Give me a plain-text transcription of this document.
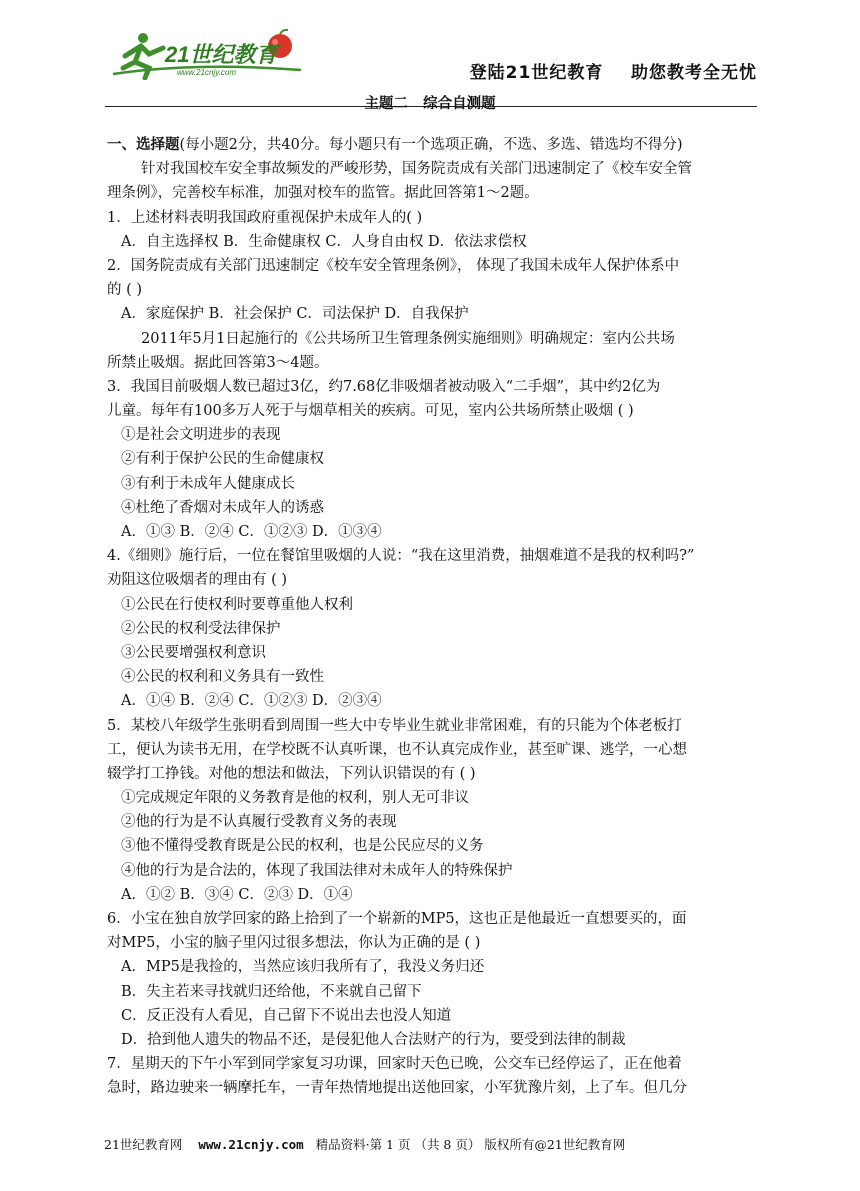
21世纪教育
www.21cnjy.com	登陆21世纪教育    助您教考全无忧
主题二   综合自测题
一、选择题(每小题2分，共40分。每小题只有一个选项正确，不选、多选、错选均不得分)
针对我国校车安全事故频发的严峻形势，国务院责成有关部门迅速制定了《校车安全管
理条例》，完善校车标准，加强对校车的监管。据此回答第1～2题。
1．上述材料表明我国政府重视保护未成年人的( )
A．自主选择权 B．生命健康权 C．人身自由权 D．依法求偿权
2．国务院责成有关部门迅速制定《校车安全管理条例》， 体现了我国未成年人保护体系中
的 ( )
A．家庭保护 B．社会保护 C．司法保护 D．自我保护
2011年5月1日起施行的《公共场所卫生管理条例实施细则》明确规定：室内公共场
所禁止吸烟。据此回答第3～4题。
3．我国目前吸烟人数已超过3亿，约7.68亿非吸烟者被动吸入“二手烟”，其中约2亿为
儿童。每年有100多万人死于与烟草相关的疾病。可见，室内公共场所禁止吸烟 ( )
①是社会文明进步的表现
②有利于保护公民的生命健康权
③有利于未成年人健康成长
④杜绝了香烟对未成年人的诱惑
A．①③ B．②④ C．①②③ D．①③④
4.《细则》施行后，一位在餐馆里吸烟的人说：“我在这里消费，抽烟难道不是我的权利吗?”
劝阻这位吸烟者的理由有 ( )
①公民在行使权利时要尊重他人权利
②公民的权利受法律保护
③公民要增强权利意识
④公民的权利和义务具有一致性
A．①④ B．②④ C．①②③ D．②③④
5．某校八年级学生张明看到周围一些大中专毕业生就业非常困难，有的只能为个体老板打
工，便认为读书无用，在学校既不认真听课，也不认真完成作业，甚至旷课、逃学，一心想
辍学打工挣钱。对他的想法和做法，下列认识错误的有 ( )
①完成规定年限的义务教育是他的权利，别人无可非议
②他的行为是不认真履行受教育义务的表现
③他不懂得受教育既是公民的权利，也是公民应尽的义务
④他的行为是合法的，体现了我国法律对未成年人的特殊保护
A．①② B．③④ C．②③ D．①④
6．小宝在独自放学回家的路上拾到了一个崭新的MP5，这也正是他最近一直想要买的，面
对MP5，小宝的脑子里闪过很多想法，你认为正确的是 ( )
A．MP5是我捡的，当然应该归我所有了，我没义务归还
B．失主若来寻找就归还给他，不来就自己留下
C．反正没有人看见，自己留下不说出去也没人知道
D．拾到他人遗失的物品不还，是侵犯他人合法财产的行为，要受到法律的制裁
7．星期天的下午小军到同学家复习功课，回家时天色已晚，公交车已经停运了，正在他着
急时，路边驶来一辆摩托车，一青年热情地提出送他回家，小军犹豫片刻，上了车。但几分
21世纪教育网 www.21cnjy.com 精品资料·第 1 页 （共 8 页） 版权所有@21世纪教育网
